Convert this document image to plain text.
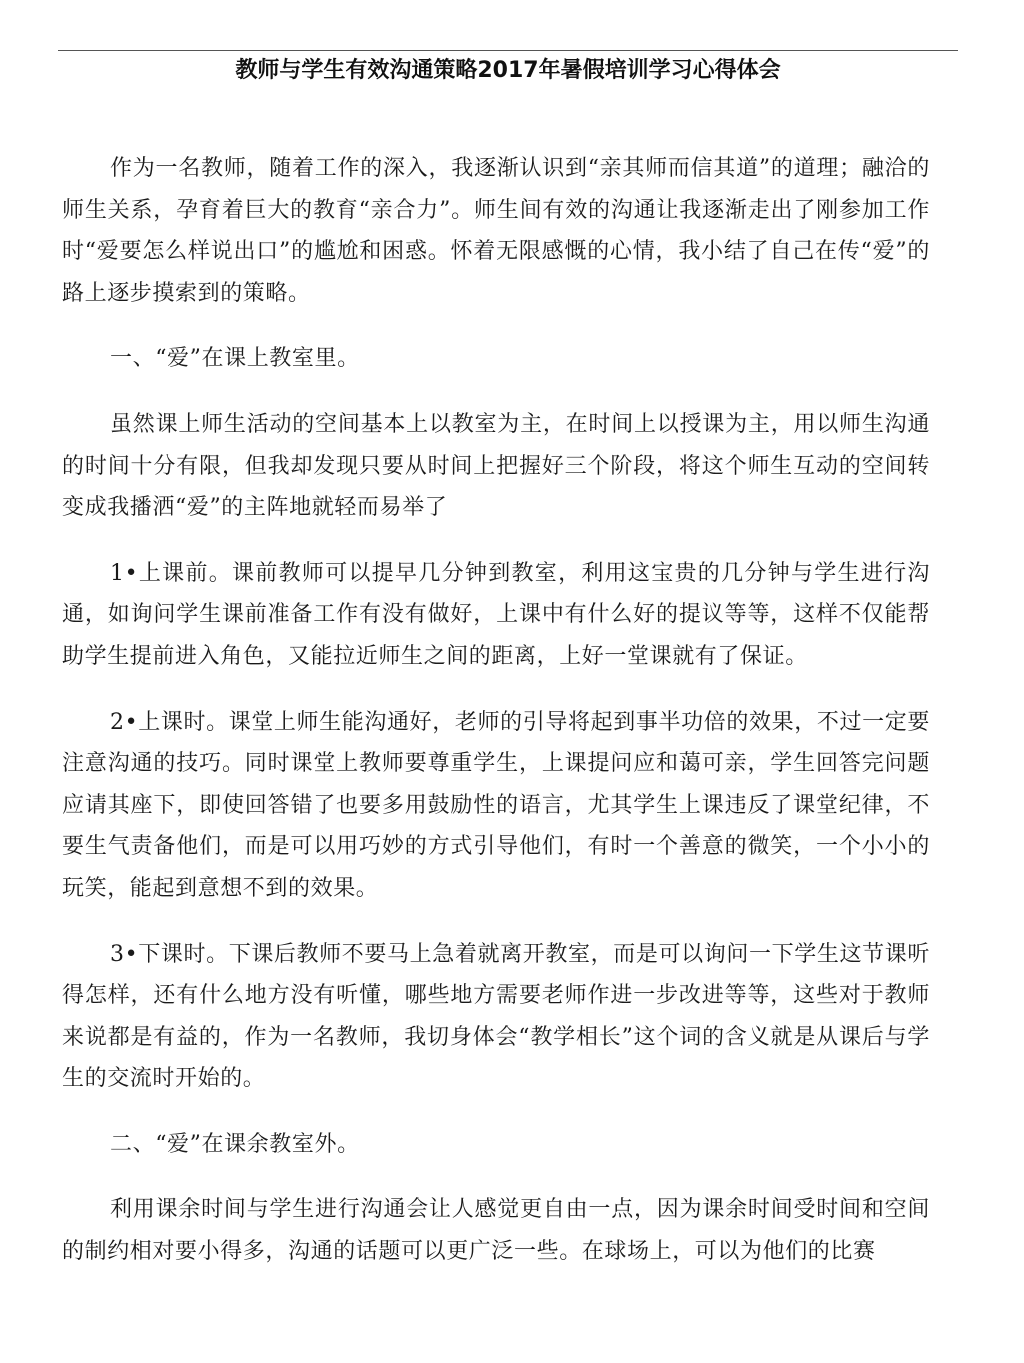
教师与学生有效沟通策略2017年暑假培训学习心得体会

作为一名教师，随着工作的深入，我逐渐认识到“亲其师而信其道”的道理；融洽的师生关系，孕育着巨大的教育“亲合力”。师生间有效的沟通让我逐渐走出了刚参加工作时“爱要怎么样说出口”的尴尬和困惑。怀着无限感慨的心情，我小结了自己在传“爱”的路上逐步摸索到的策略。

一、“爱”在课上教室里。

虽然课上师生活动的空间基本上以教室为主，在时间上以授课为主，用以师生沟通的时间十分有限，但我却发现只要从时间上把握好三个阶段，将这个师生互动的空间转变成我播洒“爱”的主阵地就轻而易举了

1•上课前。课前教师可以提早几分钟到教室，利用这宝贵的几分钟与学生进行沟通，如询问学生课前准备工作有没有做好，上课中有什么好的提议等等，这样不仅能帮助学生提前进入角色，又能拉近师生之间的距离，上好一堂课就有了保证。

2•上课时。课堂上师生能沟通好，老师的引导将起到事半功倍的效果，不过一定要注意沟通的技巧。同时课堂上教师要尊重学生，上课提问应和蔼可亲，学生回答完问题应请其座下，即使回答错了也要多用鼓励性的语言，尤其学生上课违反了课堂纪律，不要生气责备他们，而是可以用巧妙的方式引导他们，有时一个善意的微笑，一个小小的玩笑，能起到意想不到的效果。

3•下课时。下课后教师不要马上急着就离开教室，而是可以询问一下学生这节课听得怎样，还有什么地方没有听懂，哪些地方需要老师作进一步改进等等，这些对于教师来说都是有益的，作为一名教师，我切身体会“教学相长”这个词的含义就是从课后与学生的交流时开始的。

二、“爱”在课余教室外。

利用课余时间与学生进行沟通会让人感觉更自由一点，因为课余时间受时间和空间的制约相对要小得多，沟通的话题可以更广泛一些。在球场上，可以为他们的比赛
